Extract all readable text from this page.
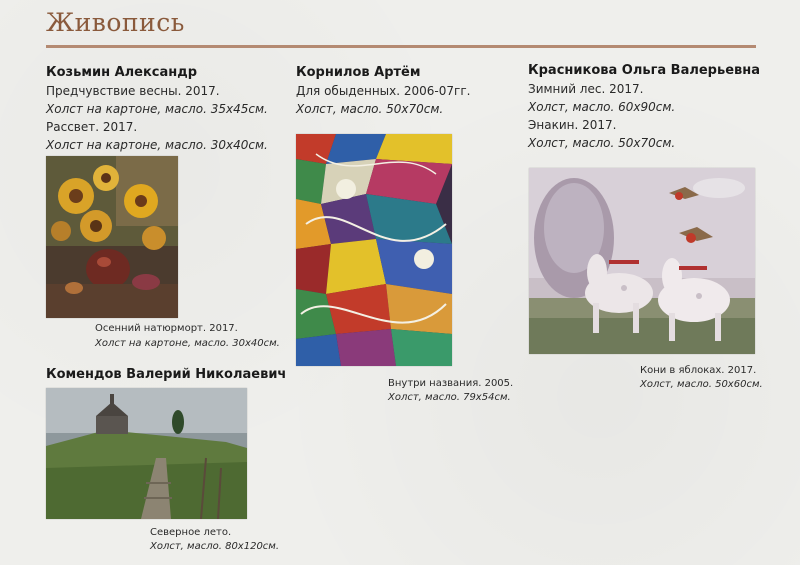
Живопись
Козьмин Александр
Предчувствие весны. 2017.
Холст на картоне, масло. 35х45см.
Рассвет. 2017.
Холст на картоне, масло. 30х40см.
Осенний натюрморт. 2017.
Холст на картоне, масло. 30х40см.
Корнилов Артём
Для обыденных. 2006-07гг.
Холст, масло. 50х70см.
Внутри названия. 2005.
Холст, масло. 79х54см.
Красникова Ольга Валерьевна
Зимний лес. 2017.
Холст, масло. 60х90см.
Энакин. 2017.
Холст, масло. 50х70см.
Кони в яблоках. 2017.
Холст, масло. 50х60см.
Комендов Валерий Николаевич
Северное лето.
Холст, масло. 80х120см.
